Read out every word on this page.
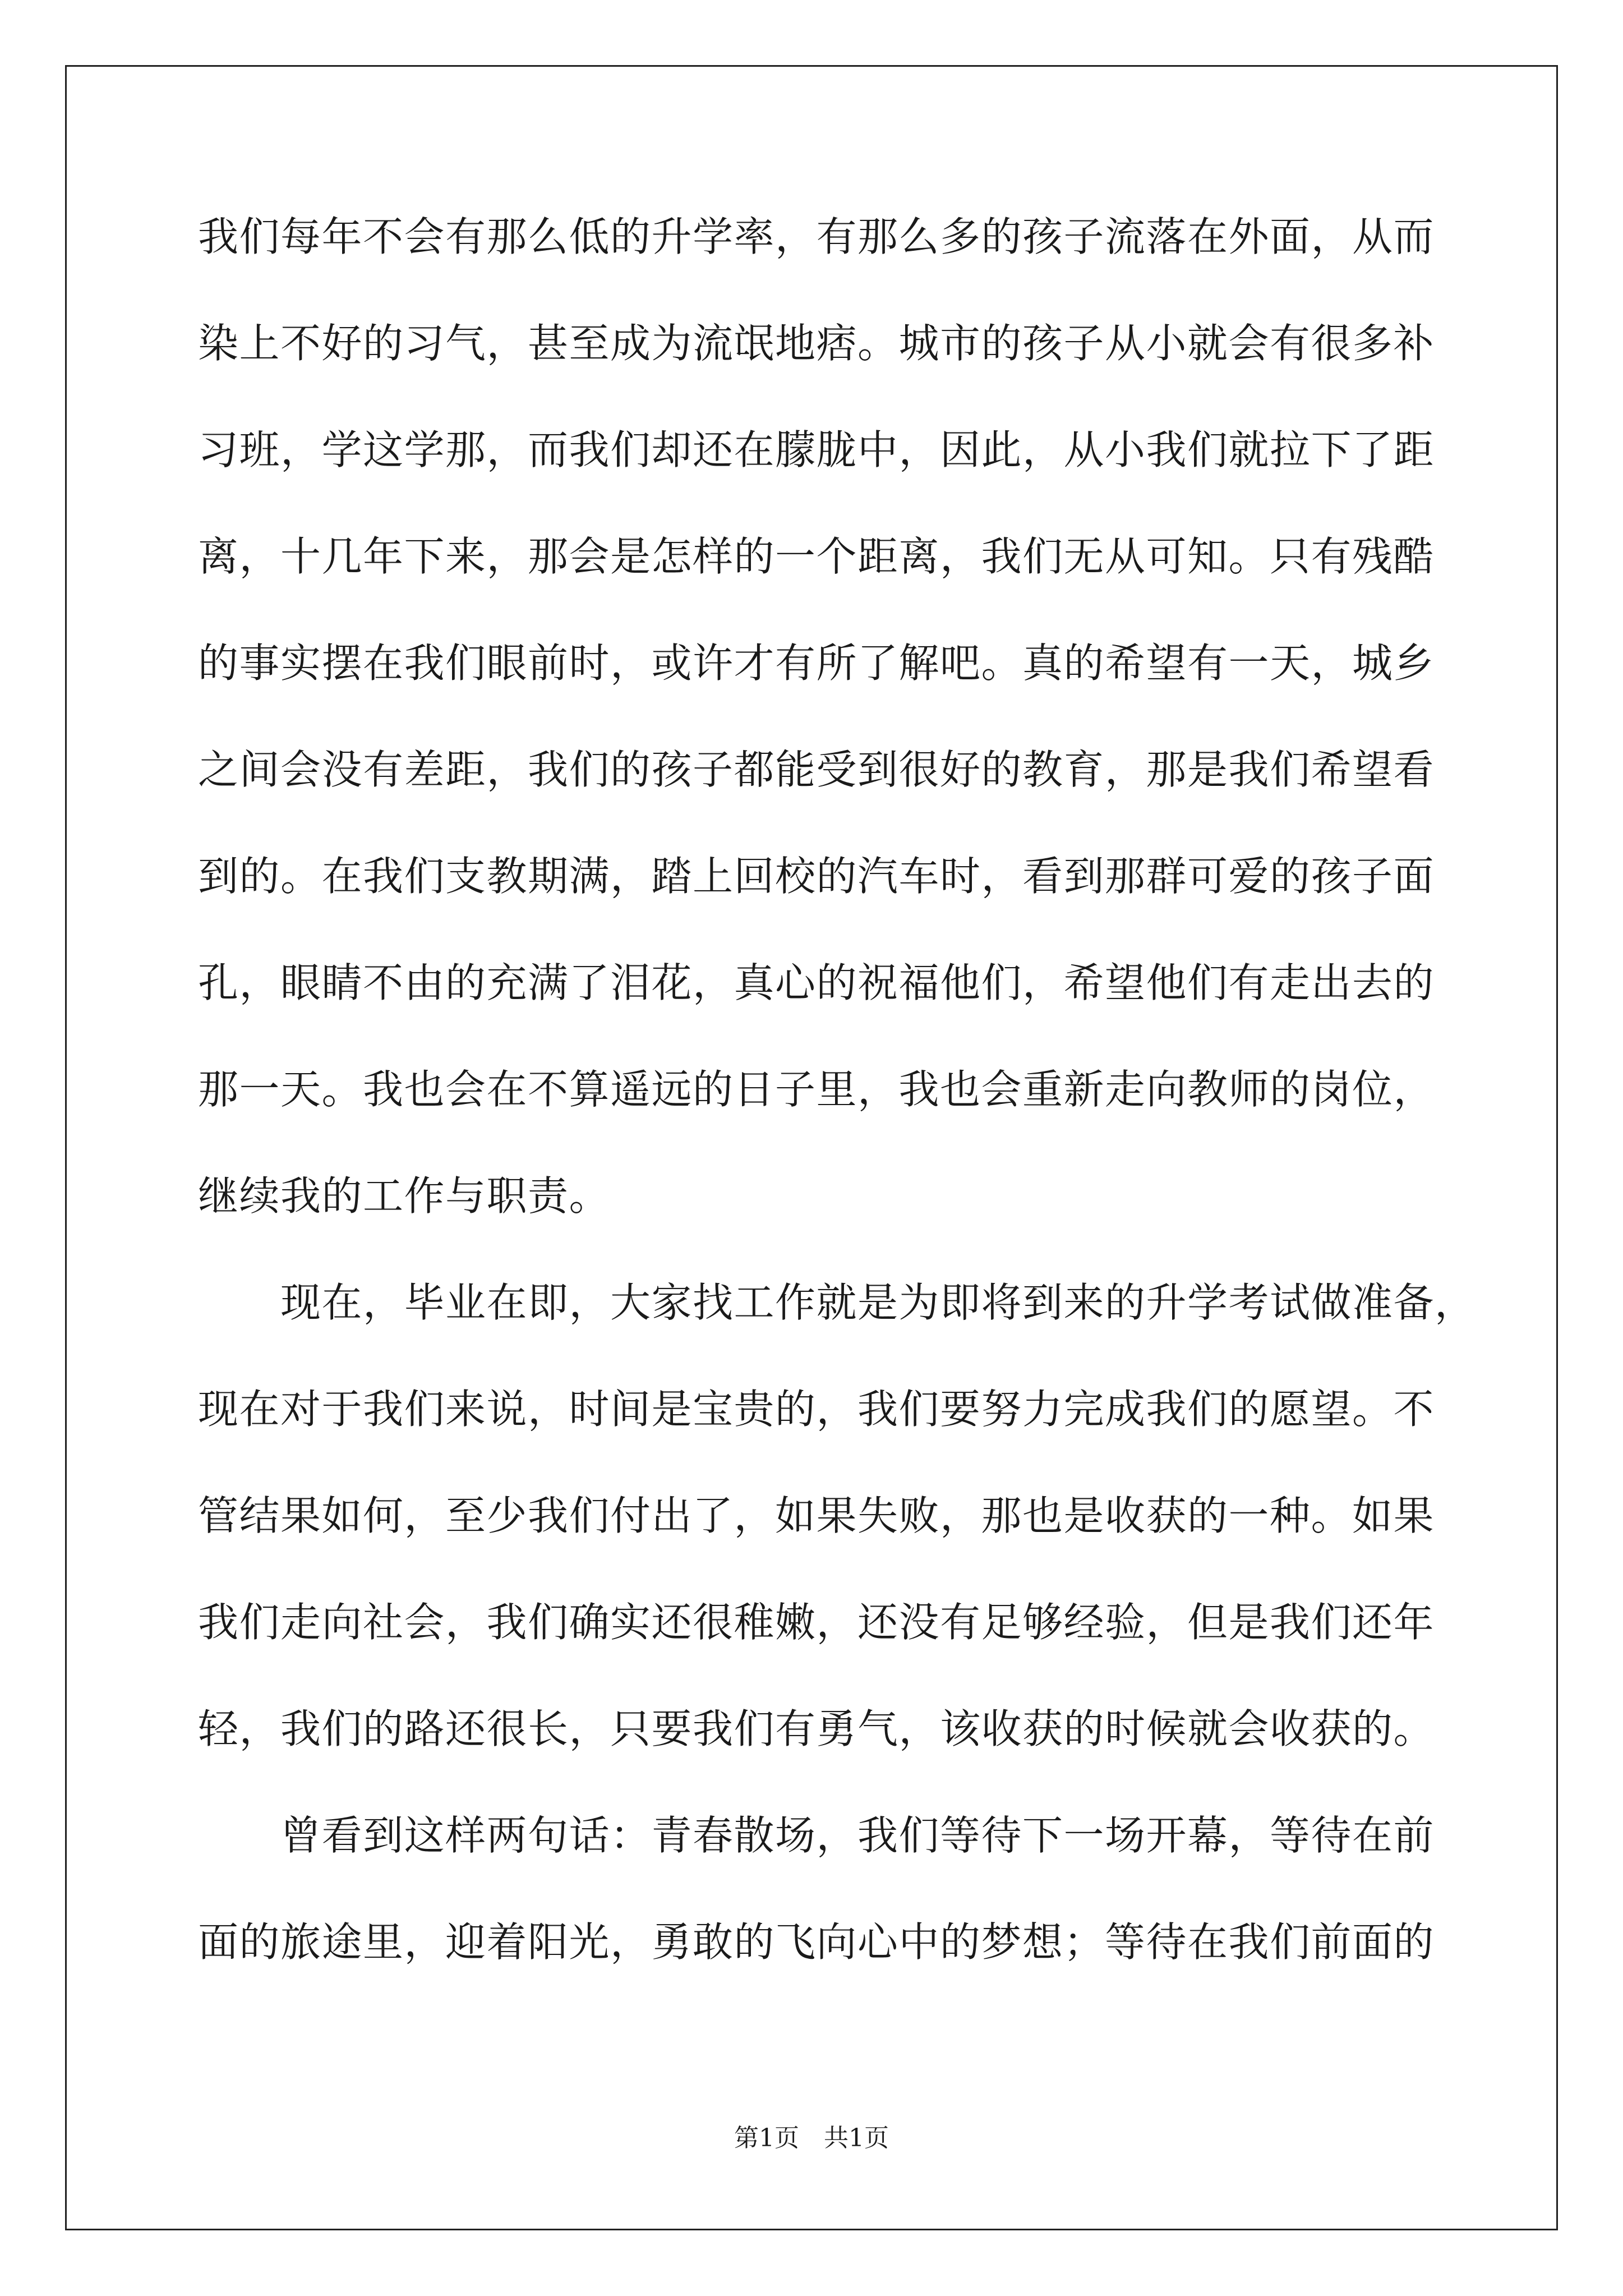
我们每年不会有那么低的升学率，有那么多的孩子流落在外面，从而
染上不好的习气，甚至成为流氓地痞。城市的孩子从小就会有很多补
习班，学这学那，而我们却还在朦胧中，因此，从小我们就拉下了距
离，十几年下来，那会是怎样的一个距离，我们无从可知。只有残酷
的事实摆在我们眼前时，或许才有所了解吧。真的希望有一天，城乡
之间会没有差距，我们的孩子都能受到很好的教育，那是我们希望看
到的。在我们支教期满，踏上回校的汽车时，看到那群可爱的孩子面
孔，眼睛不由的充满了泪花，真心的祝福他们，希望他们有走出去的
那一天。我也会在不算遥远的日子里，我也会重新走向教师的岗位，
继续我的工作与职责。
　　现在，毕业在即，大家找工作就是为即将到来的升学考试做准备，
现在对于我们来说，时间是宝贵的，我们要努力完成我们的愿望。不
管结果如何，至少我们付出了，如果失败，那也是收获的一种。如果
我们走向社会，我们确实还很稚嫩，还没有足够经验，但是我们还年
轻，我们的路还很长，只要我们有勇气，该收获的时候就会收获的。
　　曾看到这样两句话：青春散场，我们等待下一场开幕，等待在前
面的旅途里，迎着阳光，勇敢的飞向心中的梦想；等待在我们前面的
第1页　共1页
